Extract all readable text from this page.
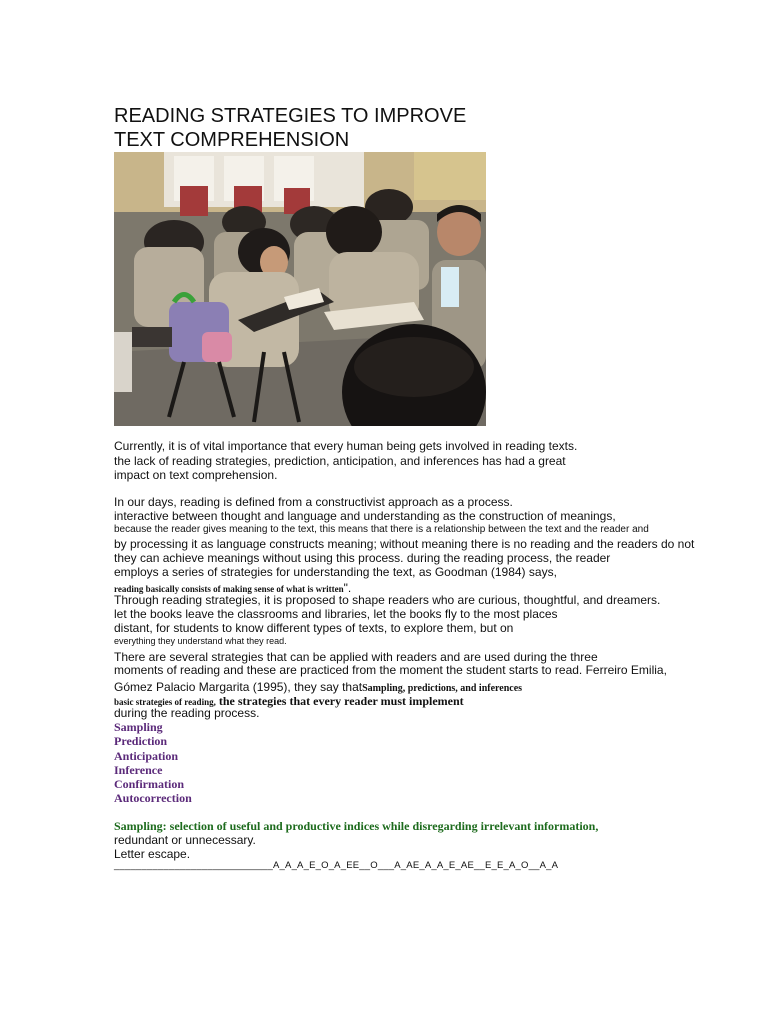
READING STRATEGIES TO IMPROVE
TEXT COMPREHENSION
Currently, it is of vital importance that every human being gets involved in reading texts.
the lack of reading strategies, prediction, anticipation, and inferences has had a great
impact on text comprehension.
In our days, reading is defined from a constructivist approach as a process.
interactive between thought and language and understanding as the construction of meanings,
because the reader gives meaning to the text, this means that there is a relationship between the text and the reader and
by processing it as language constructs meaning; without meaning there is no reading and the readers do not
they can achieve meanings without using this process. during the reading process, the reader
employs a series of strategies for understanding the text, as Goodman (1984) says,
reading basically consists of making sense of what is written".
Through reading strategies, it is proposed to shape readers who are curious, thoughtful, and dreamers.
let the books leave the classrooms and libraries, let the books fly to the most places
distant, for students to know different types of texts, to explore them, but on
everything they understand what they read.
There are several strategies that can be applied with readers and are used during the three
moments of reading and these are practiced from the moment the student starts to read. Ferreiro Emilia,
Gómez Palacio Margarita (1995), they say thatSampling, predictions, and inferences
basic strategies of reading, the strategies that every reader must implement
during the reading process.
Sampling
Prediction
Anticipation
Inference
Confirmation
Autocorrection
Sampling: selection of useful and productive indices while disregarding irrelevant information,
redundant or unnecessary.
Letter escape.
_____________________________A_A_A_E_O_A_EE__O___A_AE_A_A_E_AE__E_E_A_O__A_A
